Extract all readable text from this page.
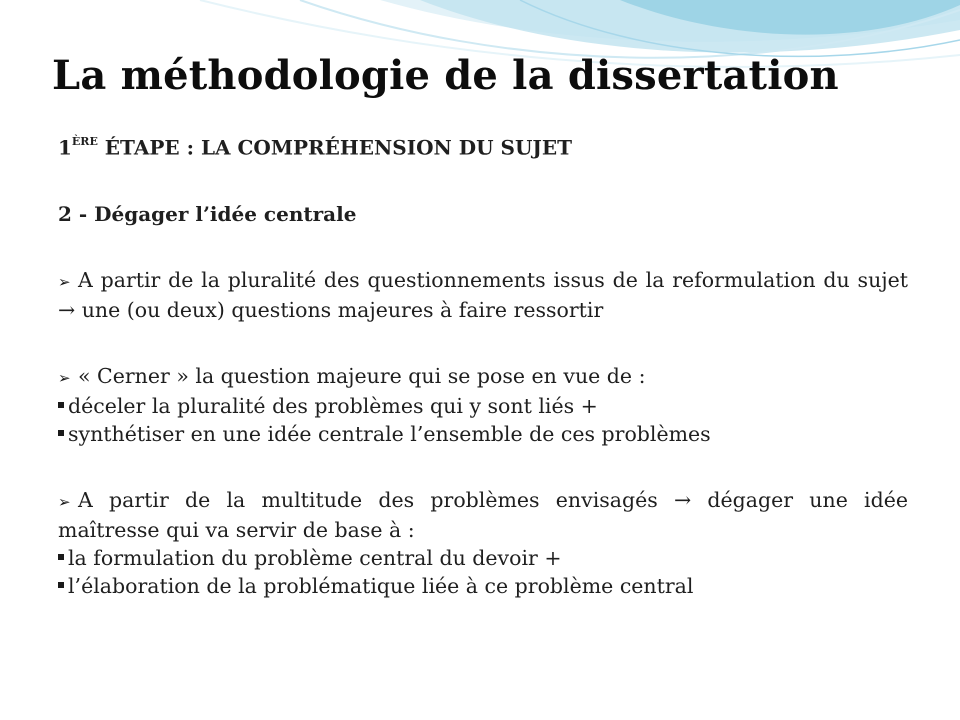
La méthodologie de la dissertation
1ÈRE ÉTAPE : LA COMPRÉHENSION DU SUJET
2 - Dégager l’idée centrale
➢ A partir de la pluralité des questionnements issus de la reformulation du sujet → une (ou deux) questions majeures à faire ressortir
➢ « Cerner » la question majeure qui se pose en vue de :
déceler la pluralité des problèmes qui y sont liés +
synthétiser en une idée centrale l’ensemble de ces problèmes
➢ A partir de la multitude des problèmes envisagés → dégager une idée maîtresse qui va servir de base à :
la formulation du problème central du devoir +
l’élaboration de la problématique liée à ce problème central
